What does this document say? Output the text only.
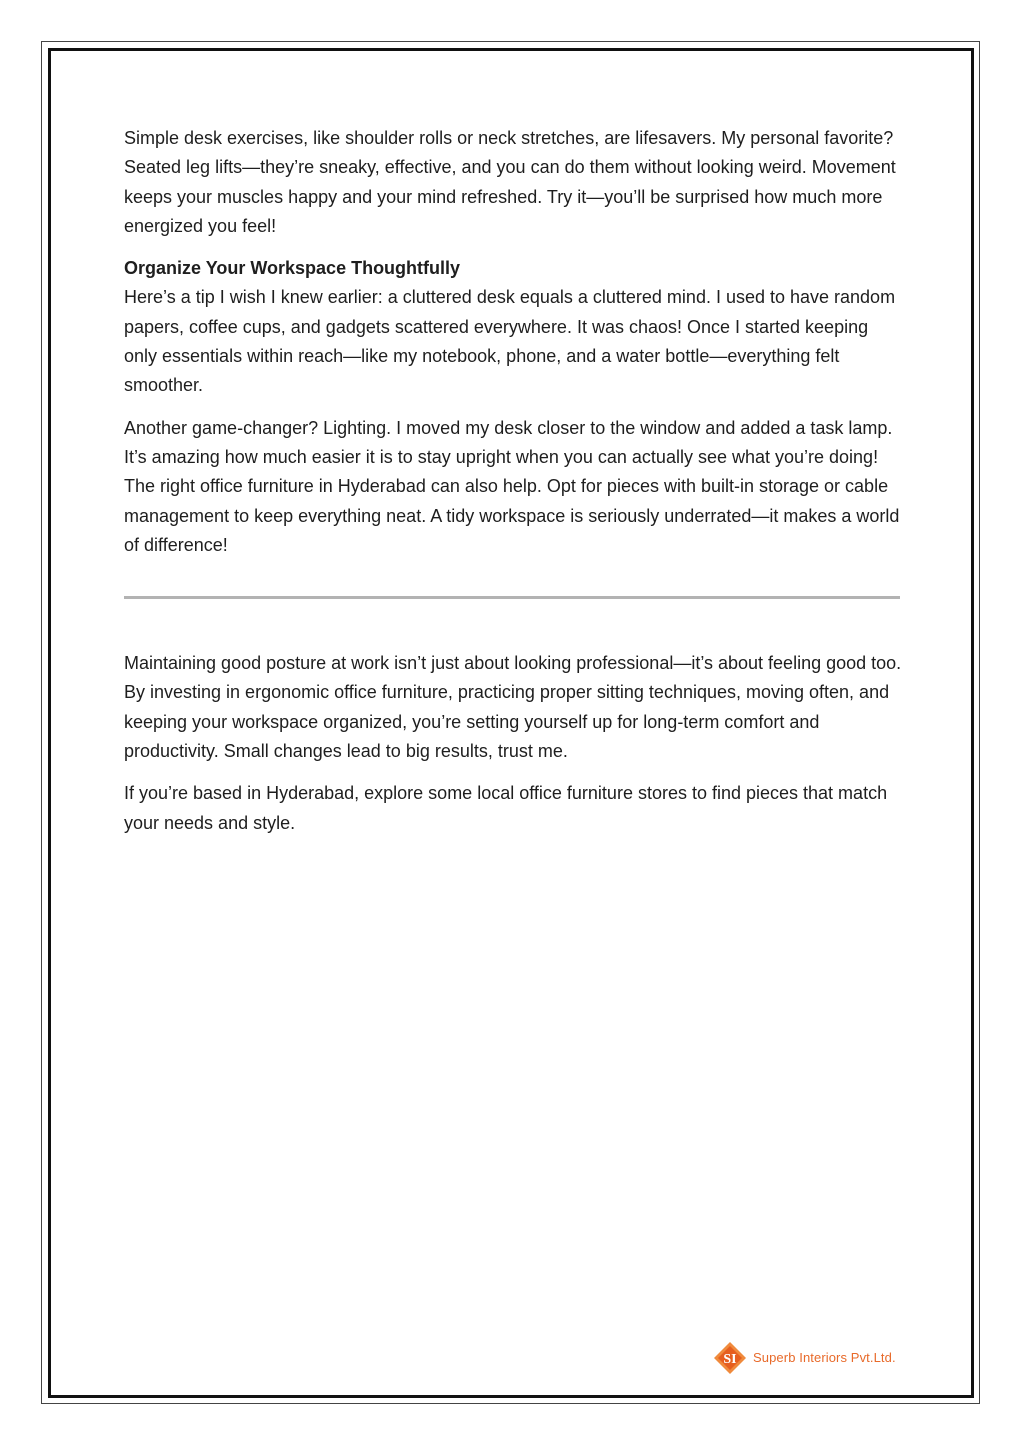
Simple desk exercises, like shoulder rolls or neck stretches, are lifesavers. My personal favorite? Seated leg lifts—they’re sneaky, effective, and you can do them without looking weird. Movement keeps your muscles happy and your mind refreshed. Try it—you’ll be surprised how much more energized you feel!

Organize Your Workspace Thoughtfully

Here’s a tip I wish I knew earlier: a cluttered desk equals a cluttered mind. I used to have random papers, coffee cups, and gadgets scattered everywhere. It was chaos! Once I started keeping only essentials within reach—like my notebook, phone, and a water bottle—everything felt smoother.

Another game-changer? Lighting. I moved my desk closer to the window and added a task lamp. It’s amazing how much easier it is to stay upright when you can actually see what you’re doing! The right office furniture in Hyderabad can also help. Opt for pieces with built-in storage or cable management to keep everything neat. A tidy workspace is seriously underrated—it makes a world of difference!

Maintaining good posture at work isn’t just about looking professional—it’s about feeling good too. By investing in ergonomic office furniture, practicing proper sitting techniques, moving often, and keeping your workspace organized, you’re setting yourself up for long-term comfort and productivity. Small changes lead to big results, trust me.

If you’re based in Hyderabad, explore some local office furniture stores to find pieces that match your needs and style.

SI Superb Interiors Pvt.Ltd.
